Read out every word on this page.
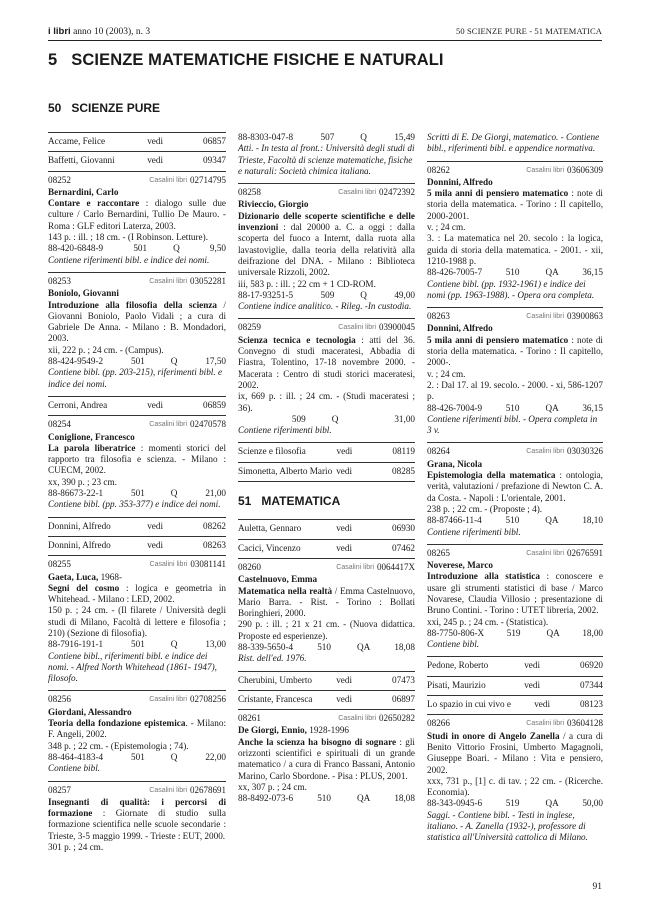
i libri anno 10 (2003), n. 3	50 SCIENZE PURE - 51 MATEMATICA
5 SCIENZE MATEMATICHE FISICHE E NATURALI
50 SCIENZE PURE
Accame, Felice	vedi	06857
Baffetti, Giovanni	vedi	09347
08252	Casalini libri 02714795
Bernardini, Carlo

Contare e raccontare : dialogo sulle due culture / Carlo Bernardini, Tullio De Mauro. - Roma : GLF editori Laterza, 2003.

143 p. : ill. ; 18 cm. - (I Robinson. Letture).

88-420-6848-9	501	Q	9,50

Contiene riferimenti bibl. e indice dei nomi.

08253	Casalini libri 03052281
Boniolo, Giovanni

Introduzione alla filosofia della scienza / Giovanni Boniolo, Paolo Vidali ; a cura di Gabriele De Anna. - Milano : B. Mondadori, 2003.

xii, 222 p. ; 24 cm. - (Campus).

88-424-9549-2	501	Q	17,50

Contiene bibl. (pp. 203-215), riferimenti bibl. e indice dei nomi.

Cerroni, Andrea	vedi	06859
08254	Casalini libri 02470578
Coniglione, Francesco

La parola liberatrice : momenti storici del rapporto tra filosofia e scienza. - Milano : CUECM, 2002.

xx, 390 p. ; 23 cm.

88-86673-22-1	501	Q	21,00

Contiene bibl. (pp. 353-377) e indice dei nomi.

Donnini, Alfredo	vedi	08262
Donnini, Alfredo	vedi	08263
08255	Casalini libri 03081141
Gaeta, Luca, 1968-

Segni del cosmo : logica e geometria in Whitehead. - Milano : LED, 2002.

150 p. ; 24 cm. - (Il filarete / Università degli studi di Milano, Facoltà di lettere e filosofia ; 210) (Sezione di filosofia).

88-7916-191-1	501	Q	13,00

Contiene bibl., riferimenti bibl. e indice dei nomi. - Alfred North Whitehead (1861- 1947), filosofo.

08256	Casalini libri 02708256
Giordani, Alessandro

Teoria della fondazione epistemica. - Milano: F. Angeli, 2002.

348 p. ; 22 cm. - (Epistemologia ; 74).

88-464-4183-4	501	Q	22,00

Contiene bibl.

08257	Casalini libri 02678691

Insegnanti di qualità: i percorsi di formazione : Giornate di studio sulla formazione scientifica nelle scuole secondarie : Trieste, 3-5 maggio 1999. - Trieste : EUT, 2000.

301 p. ; 24 cm.

88-8303-047-8	507	Q	15,49

Atti. - In testa al front.: Università degli studi di Trieste, Facoltà di scienze matematiche, fisiche e naturali: Società chimica italiana.

08258	Casalini libri 02472392
Rivieccio, Giorgio

Dizionario delle scoperte scientifiche e delle invenzioni : dal 20000 a. C. a oggi : dalla scoperta del fuoco a Internt, dalla ruota alla lavastoviglie, dalla teoria della relatività alla deifrazione del DNA. - Milano : Biblioteca universale Rizzoli, 2002.

iii, 583 p. : ill. ; 22 cm + 1 CD-ROM.

88-17-93251-5	509	Q	49,00

Contiene indice analitico. - Rileg. -In custodia.

08259	Casalini libri 03900045

Scienza tecnica e tecnologia : atti del 36. Convegno di studi maceratesi, Abbadia di Fiastra, Tolentino, 17-18 novembre 2000. - Macerata : Centro di studi storici maceratesi, 2002.

ix, 669 p. : ill. ; 24 cm. - (Studi maceratesi ; 36).

509	Q	31,00

Contiene riferimenti bibl.

Scienze e filosofia	vedi	08119
Simonetta, Alberto Mario vedi	08285
51 MATEMATICA
Auletta, Gennaro	vedi	06930
Cacici, Vincenzo	vedi	07462
08260	Casalini libri 0064417X
Castelnuovo, Emma

Matematica nella realtà / Emma Castelnuovo, Mario Barra. - Rist. - Torino : Bollati Boringhieri, 2000.

290 p. : ill. ; 21 x 21 cm. - (Nuova didattica. Proposte ed esperienze).

88-339-5650-4	510	QA	18,08

Rist. dell'ed. 1976.

Cherubini, Umberto	vedi	07473
Cristante, Francesca	vedi	06897
08261	Casalini libri 02650282
De Giorgi, Ennio, 1928-1996

Anche la scienza ha bisogno di sognare : gli orizzonti scientifici e spirituali di un grande matematico / a cura di Franco Bassani, Antonio Marino, Carlo Sbordone. - Pisa : PLUS, 2001.

xx, 307 p. ; 24 cm.

88-8492-073-6	510	QA	18,08

Scritti di E. De Giorgi, matematico. - Contiene bibl., riferimenti bibl. e appendice normativa.

08262	Casalini libri 03606309
Donnini, Alfredo

5 mila anni di pensiero matematico : note di storia della matematica. - Torino : Il capitello, 2000-2001.

v. ; 24 cm.

3. : La matematica nel 20. secolo : la logica, guida di storia della matematica. - 2001. - xii, 1210-1988 p.

88-426-7005-7	510	QA	36,15

Contiene bibl. (pp. 1932-1961) e indice dei nomi (pp. 1963-1988). - Opera ora completa.

08263	Casalini libri 03900863
Donnini, Alfredo

5 mila anni di pensiero matematico : note di storia della matematica. - Torino : Il capitello, 2000-.

v. ; 24 cm.

2. : Dal 17. al 19. secolo. - 2000. - xi, 586-1207 p.

88-426-7004-9	510	QA	36,15

Contiene riferimenti bibl. - Opera completa in 3 v.

08264	Casalini libri 03030326
Grana, Nicola

Epistemologia della matematica : ontologia, verità, valutazioni / prefazione di Newton C. A. da Costa. - Napoli : L'orientale, 2001.

238 p. ; 22 cm. - (Proposte ; 4).

88-87466-11-4	510	QA	18,10

Contiene riferimenti bibl.

08265	Casalini libri 02676591
Noverese, Marco

Introduzione alla statistica : conoscere e usare gli strumenti statistici di base / Marco Novarese, Claudia Villosio ; presentazione di Bruno Contini. - Torino : UTET libreria, 2002.

xxi, 245 p. ; 24 cm. - (Statistica).

88-7750-806-X 519	QA 18,00

Contiene bibl.

Pedone, Roberto	vedi	06920
Pisati, Maurizio	vedi	07344
Lo spazio in cui vivo e	vedi	08123
08266	Casalini libri 03604128

Studi in onore di Angelo Zanella / a cura di Benito Vittorio Frosini, Umberto Magagnoli, Giuseppe Boari. - Milano : Vita e pensiero, 2002.

xxx, 731 p., [1] c. di tav. ; 22 cm. - (Ricerche. Economia).

88-343-0945-6	519	QA	50,00

Saggi. - Contiene bibl. - Testi in inglese, italiano. - A. Zanella (1932-), professore di statistica all'Università cattolica di Milano.

91
